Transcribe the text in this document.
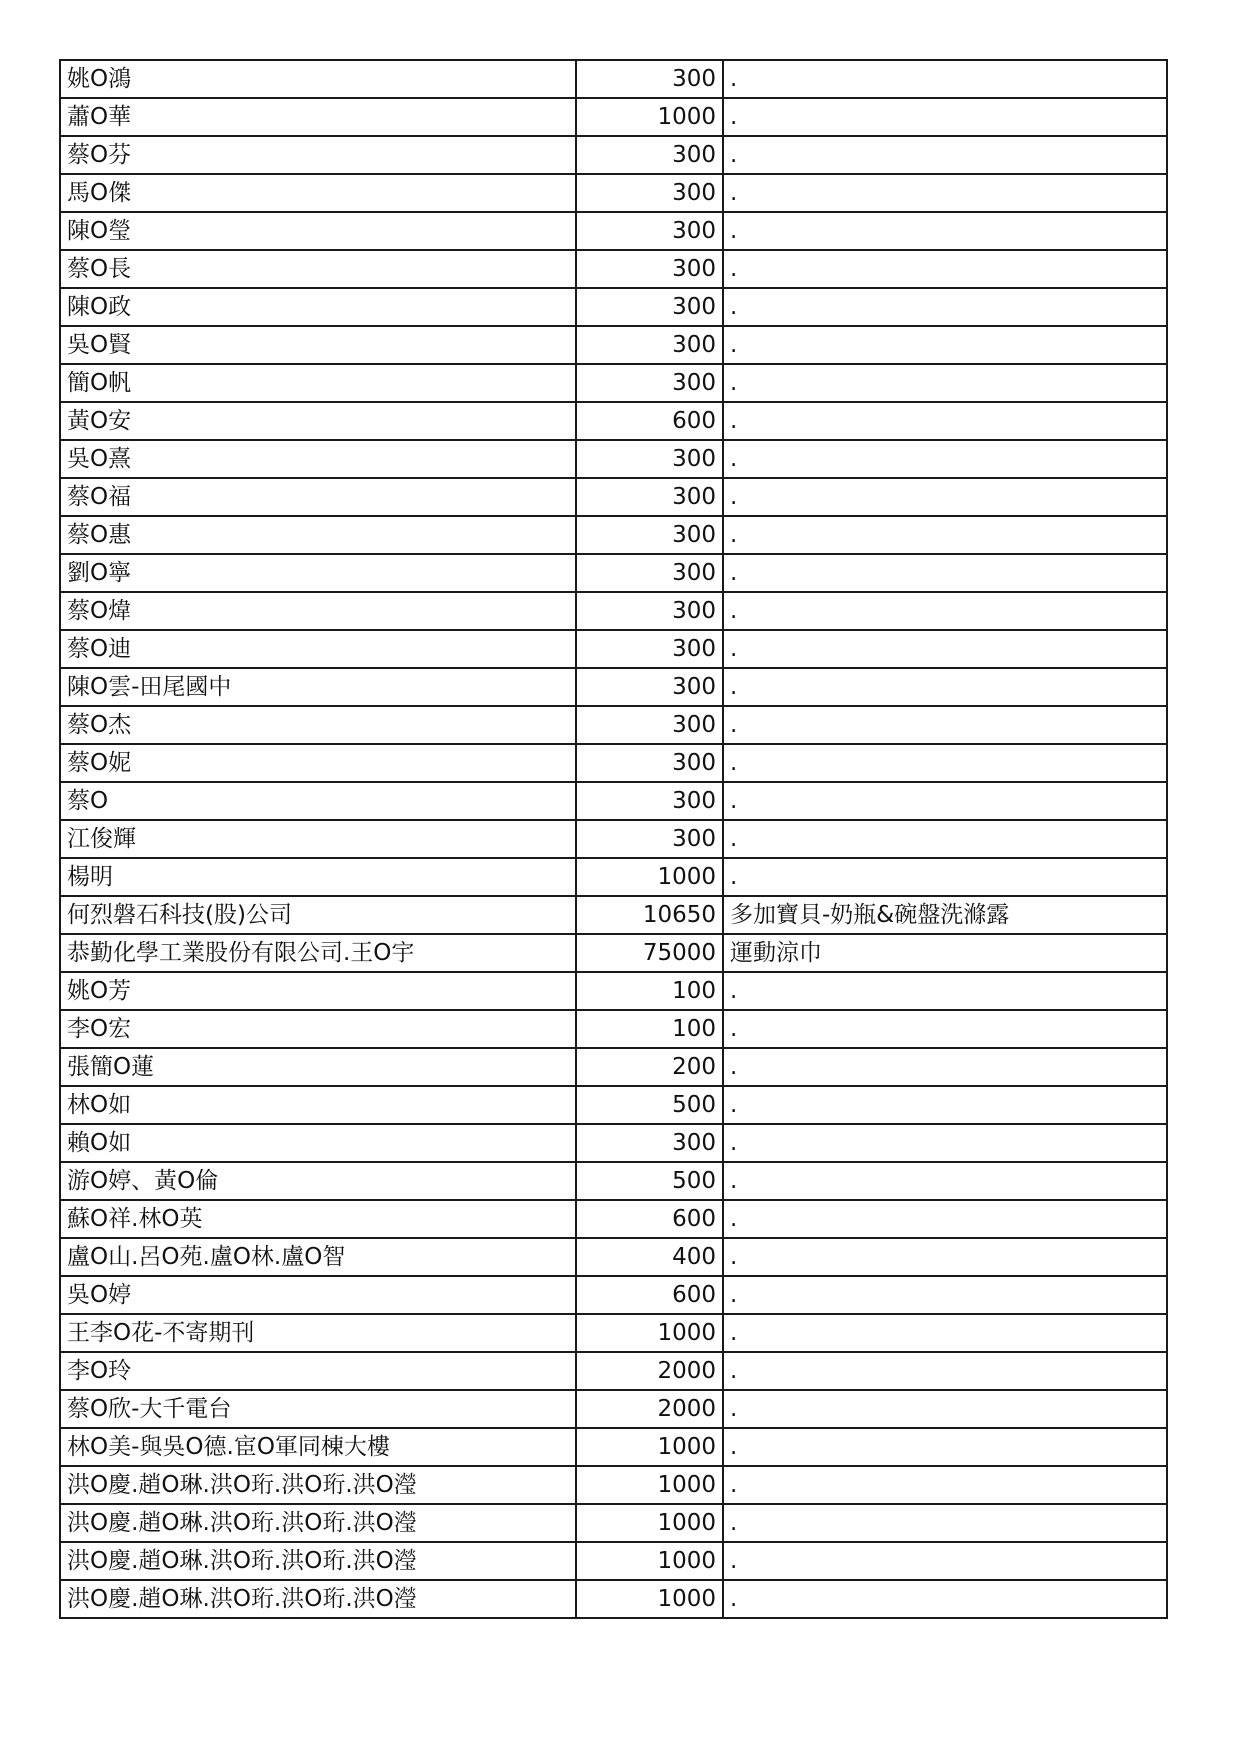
姚O鴻	300	.
蕭O華	1000	.
蔡O芬	300	.
馬O傑	300	.
陳O瑩	300	.
蔡O長	300	.
陳O政	300	.
吳O賢	300	.
簡O帆	300	.
黃O安	600	.
吳O熹	300	.
蔡O福	300	.
蔡O惠	300	.
劉O寧	300	.
蔡O煒	300	.
蔡O迪	300	.
陳O雲-田尾國中	300	.
蔡O杰	300	.
蔡O妮	300	.
蔡O	300	.
江俊輝	300	.
楊明	1000	.
何烈磐石科技(股)公司	10650	多加寶貝-奶瓶&碗盤洗滌露
恭勤化學工業股份有限公司.王O宇	75000	運動涼巾
姚O芳	100	.
李O宏	100	.
張簡O蓮	200	.
林O如	500	.
賴O如	300	.
游O婷、黃O倫	500	.
蘇O祥.林O英	600	.
盧O山.呂O苑.盧O林.盧O智	400	.
吳O婷	600	.
王李O花-不寄期刊	1000	.
李O玲	2000	.
蔡O欣-大千電台	2000	.
林O美-與吳O德.宦O軍同棟大樓	1000	.
洪O慶.趙O琳.洪O珩.洪O珩.洪O瀅	1000	.
洪O慶.趙O琳.洪O珩.洪O珩.洪O瀅	1000	.
洪O慶.趙O琳.洪O珩.洪O珩.洪O瀅	1000	.
洪O慶.趙O琳.洪O珩.洪O珩.洪O瀅	1000	.
